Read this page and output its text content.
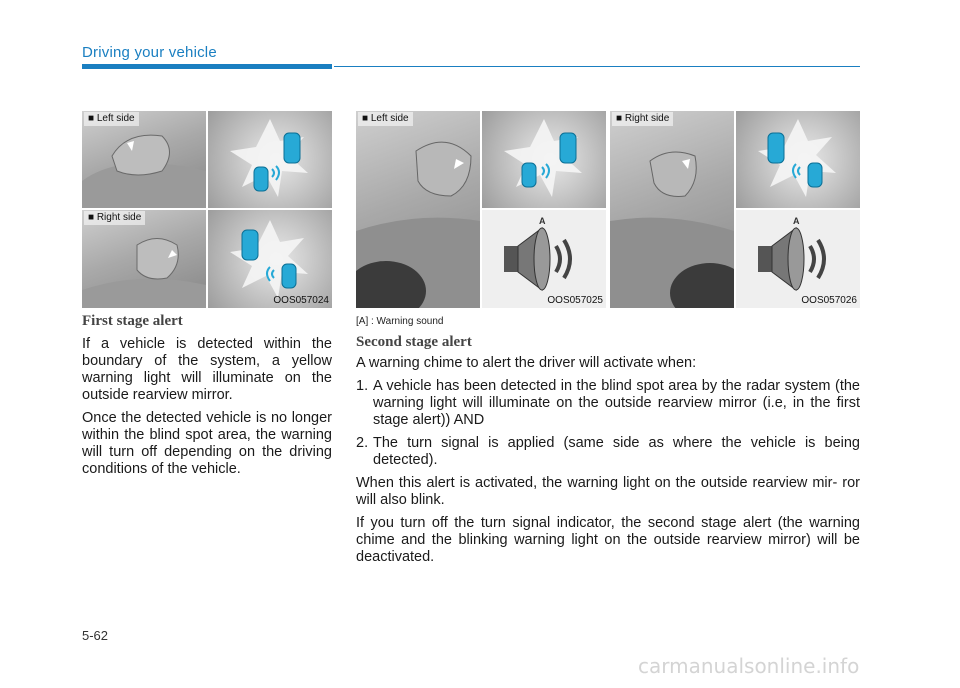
Driving your vehicle
■ Left side
■ Right side
OOS057024
A
■ Left side
OOS057025
A
■ Right side
OOS057026
First stage alert
If a vehicle is detected within the boundary of the system, a yellow warning light will illuminate on the outside rearview mirror.
Once the detected vehicle is no longer within the blind spot area, the warning will turn off depending on the driving conditions of the vehicle.
[A] : Warning sound
Second stage alert
A warning chime to alert the driver will activate when:
1. A vehicle has been detected in the blind spot area by the radar system (the warning light will illuminate on the outside rearview mirror (i.e, in the first stage alert)) AND
2. The turn signal is applied (same side as where the vehicle is being detected).
When this alert is activated, the warning light on the outside rearview mir- ror will also blink.
If you turn off the turn signal indicator, the second stage alert (the warning chime and the blinking warning light on the outside rearview mirror) will be deactivated.
5-62
carmanualsonline.info
